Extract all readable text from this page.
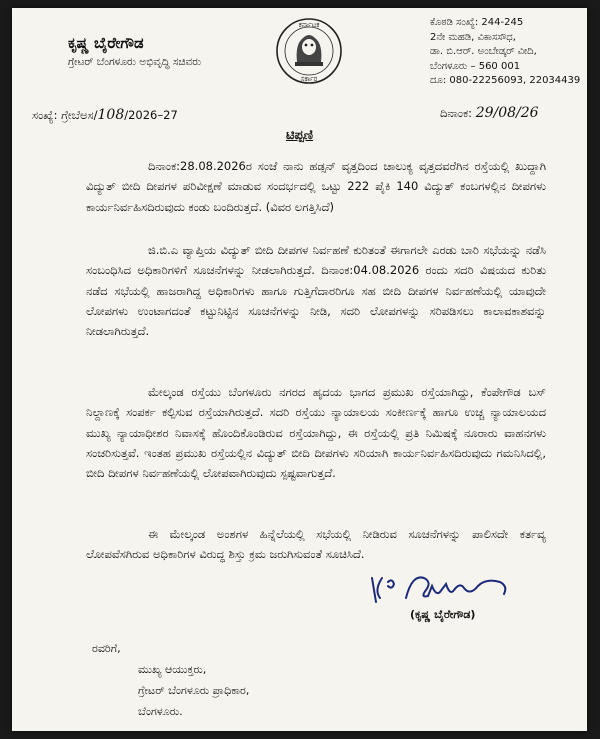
ಕೃಷ್ಣ ಬೈರೇಗೌಡ
ಗ್ರೇಟರ್ ಬೆಂಗಳೂರು ಅಭಿವೃದ್ಧಿ ಸಚಿವರು
ಕರ್ನಾಟಕ
ಸರ್ಕಾರ
ಕೊಠಡಿ ಸಂಖ್ಯೆ: 244-245
2ನೇ ಮಹಡಿ, ವಿಕಾಸಸೌಧ,
ಡಾ. ಬಿ.ಆರ್. ಅಂಬೇಡ್ಕರ್ ವೀದಿ,
ಬೆಂಗಳೂರು – 560 001
ದೂ: 080-22256093, 22034439
ಸಂಖ್ಯೆ: ಗ್ರೇಬೆಅಸ/108/2026–27	ದಿನಾಂಕ: 29/08/26
ಟಿಪ್ಪಣಿ
ದಿನಾಂಕ:28.08.2026ರ ಸಂಜೆ ನಾನು ಹಡ್ಸನ್ ವೃತ್ತದಿಂದ ಚಾಲುಕ್ಯ ವೃತ್ತದವರೆಗಿನ ರಸ್ತೆಯಲ್ಲಿ ಖುದ್ದಾಗಿ ವಿದ್ಯುತ್ ಬೀದಿ ದೀಪಗಳ ಪರಿವೀಕ್ಷಣೆ ಮಾಡುವ ಸಂದರ್ಭದಲ್ಲಿ ಒಟ್ಟು 222 ಪೈಕಿ 140 ವಿದ್ಯುತ್ ಕಂಬಗಳಲ್ಲಿನ ದೀಪಗಳು ಕಾರ್ಯನಿರ್ವಹಿಸದಿರುವುದು ಕಂಡು ಬಂದಿರುತ್ತದೆ. (ವಿವರ ಲಗತ್ತಿಸಿದೆ)
ಜಿ.ಬಿ.ಎ ವ್ಯಾಪ್ತಿಯ ವಿದ್ಯುತ್ ಬೀದಿ ದೀಪಗಳ ನಿರ್ವಹಣೆ ಕುರಿತಂತೆ ಈಗಾಗಲೇ ಎರಡು ಬಾರಿ ಸಭೆಯನ್ನು ನಡೆಸಿ ಸಂಬಂಧಿಸಿದ ಅಧಿಕಾರಿಗಳಿಗೆ ಸೂಚನೆಗಳನ್ನು ನೀಡಲಾಗಿರುತ್ತದೆ. ದಿನಾಂಕ:04.08.2026 ರಂದು ಸದರಿ ವಿಷಯದ ಕುರಿತು ನಡೆದ ಸಭೆಯಲ್ಲಿ ಹಾಜರಾಗಿದ್ದ ಅಧಿಕಾರಿಗಳು ಹಾಗೂ ಗುತ್ತಿಗೆದಾರರಿಗೂ ಸಹ ಬೀದಿ ದೀಪಗಳ ನಿರ್ವಹಣೆಯಲ್ಲಿ ಯಾವುದೇ ಲೋಪಗಳು ಉಂಟಾಗದಂತೆ ಕಟ್ಟುನಿಟ್ಟಿನ ಸೂಚನೆಗಳನ್ನು ನೀಡಿ, ಸದರಿ ಲೋಪಗಳನ್ನು ಸರಿಪಡಿಸಲು ಕಾಲಾವಕಾಶವನ್ನು ನೀಡಲಾಗಿರುತ್ತದೆ.
ಮೇಲ್ಕಂಡ ರಸ್ತೆಯು ಬೆಂಗಳೂರು ನಗರದ ಹೃದಯ ಭಾಗದ ಪ್ರಮುಖ ರಸ್ತೆಯಾಗಿದ್ದು, ಕೆಂಪೇಗೌಡ ಬಸ್ ನಿಲ್ದಾಣಕ್ಕೆ ಸಂಪರ್ಕ ಕಲ್ಪಿಸುವ ರಸ್ತೆಯಾಗಿರುತ್ತದೆ. ಸದರಿ ರಸ್ತೆಯು ನ್ಯಾಯಾಲಯ ಸಂಕೀರ್ಣಕ್ಕೆ ಹಾಗೂ ಉಚ್ಚ ನ್ಯಾಯಾಲಯದ ಮುಖ್ಯ ನ್ಯಾಯಾಧೀಶರ ನಿವಾಸಕ್ಕೆ ಹೊಂದಿಕೊಂಡಿರುವ ರಸ್ತೆಯಾಗಿದ್ದು, ಈ ರಸ್ತೆಯಲ್ಲಿ ಪ್ರತಿ ನಿಮಿಷಕ್ಕೆ ನೂರಾರು ವಾಹನಗಳು ಸಂಚರಿಸುತ್ತವೆ. ಇಂತಹ ಪ್ರಮುಖ ರಸ್ತೆಯಲ್ಲಿನ ವಿದ್ಯುತ್ ಬೀದಿ ದೀಪಗಳು ಸರಿಯಾಗಿ ಕಾರ್ಯನಿರ್ವಹಿಸದಿರುವುದು ಗಮನಿಸಿದಲ್ಲಿ, ಬೀದಿ ದೀಪಗಳ ನಿರ್ವಹಣೆಯಲ್ಲಿ ಲೋಪವಾಗಿರುವುದು ಸ್ಪಷ್ಟವಾಗುತ್ತದೆ.
ಈ ಮೇಲ್ಕಂಡ ಅಂಶಗಳ ಹಿನ್ನೆಲೆಯಲ್ಲಿ ಸಭೆಯಲ್ಲಿ ನೀಡಿರುವ ಸೂಚನೆಗಳನ್ನು ಪಾಲಿಸದೇ ಕರ್ತವ್ಯ ಲೋಪವೆಸಗಿರುವ ಅಧಿಕಾರಿಗಳ ವಿರುದ್ಧ ಶಿಸ್ತು ಕ್ರಮ ಜರುಗಿಸುವಂತೆ ಸೂಚಿಸಿದೆ.
(ಕೃಷ್ಣ ಬೈರೇಗೌಡ)
ರವರಿಗೆ,
ಮುಖ್ಯ ಆಯುಕ್ತರು,
ಗ್ರೇಟರ್ ಬೆಂಗಳೂರು ಪ್ರಾಧಿಕಾರ,
ಬೆಂಗಳೂರು.
